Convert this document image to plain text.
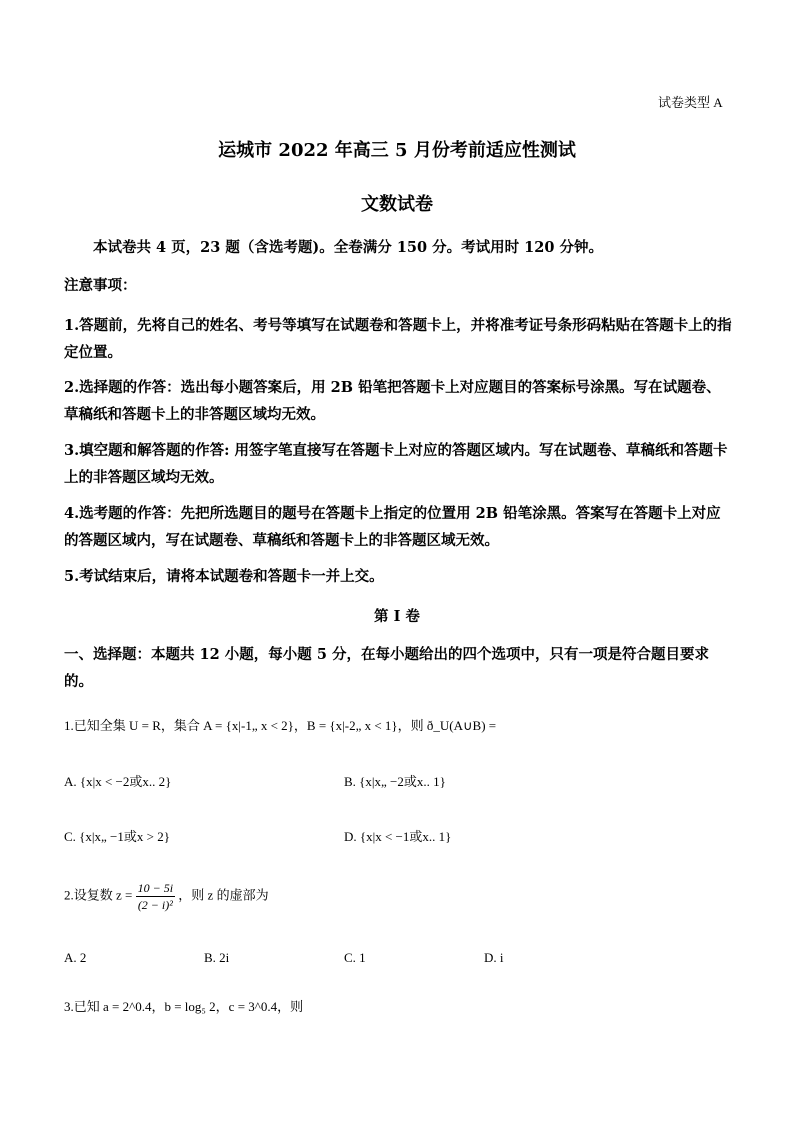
试卷类型 A
运城市 2022 年高三 5 月份考前适应性测试
文数试卷
本试卷共 4 页，23 题（含选考题)。全卷满分 150 分。考试用时 120 分钟。
注意事项：
1.答题前，先将自己的姓名、考号等填写在试题卷和答题卡上，并将准考证号条形码粘贴在答题卡上的指定位置。
2.选择题的作答：选出每小题答案后，用 2B 铅笔把答题卡上对应题目的答案标号涂黑。写在试题卷、草稿纸和答题卡上的非答题区域均无效。
3.填空题和解答题的作答: 用签字笔直接写在答题卡上对应的答题区域内。写在试题卷、草稿纸和答题卡上的非答题区域均无效。
4.选考题的作答：先把所选题目的题号在答题卡上指定的位置用 2B 铅笔涂黑。答案写在答题卡上对应的答题区域内，写在试题卷、草稿纸和答题卡上的非答题区域无效。
5.考试结束后，请将本试题卷和答题卡一并上交。
第 I 卷
一、选择题：本题共 12 小题，每小题 5 分，在每小题给出的四个选项中，只有一项是符合题目要求的。
1.已知全集 U = R，集合 A = {x|-1„ x < 2}，B = {x|-2„ x < 1}，则 ð_U(A∪B) =
A. {x|x < −2或x.. 2}	B. {x|x„ −2或x.. 1}
C. {x|x„ −1或x > 2}	D. {x|x < −1或x.. 1}
2.设复数 $z = \frac{10 - 5i}{\text{(2 − i)²}}$ ，则 z 的虚部为
A. 2	B. 2i	C. 1	D. i
3.已知 a = 2^0.4，b = log₅ 2，c = 3^0.4，则
